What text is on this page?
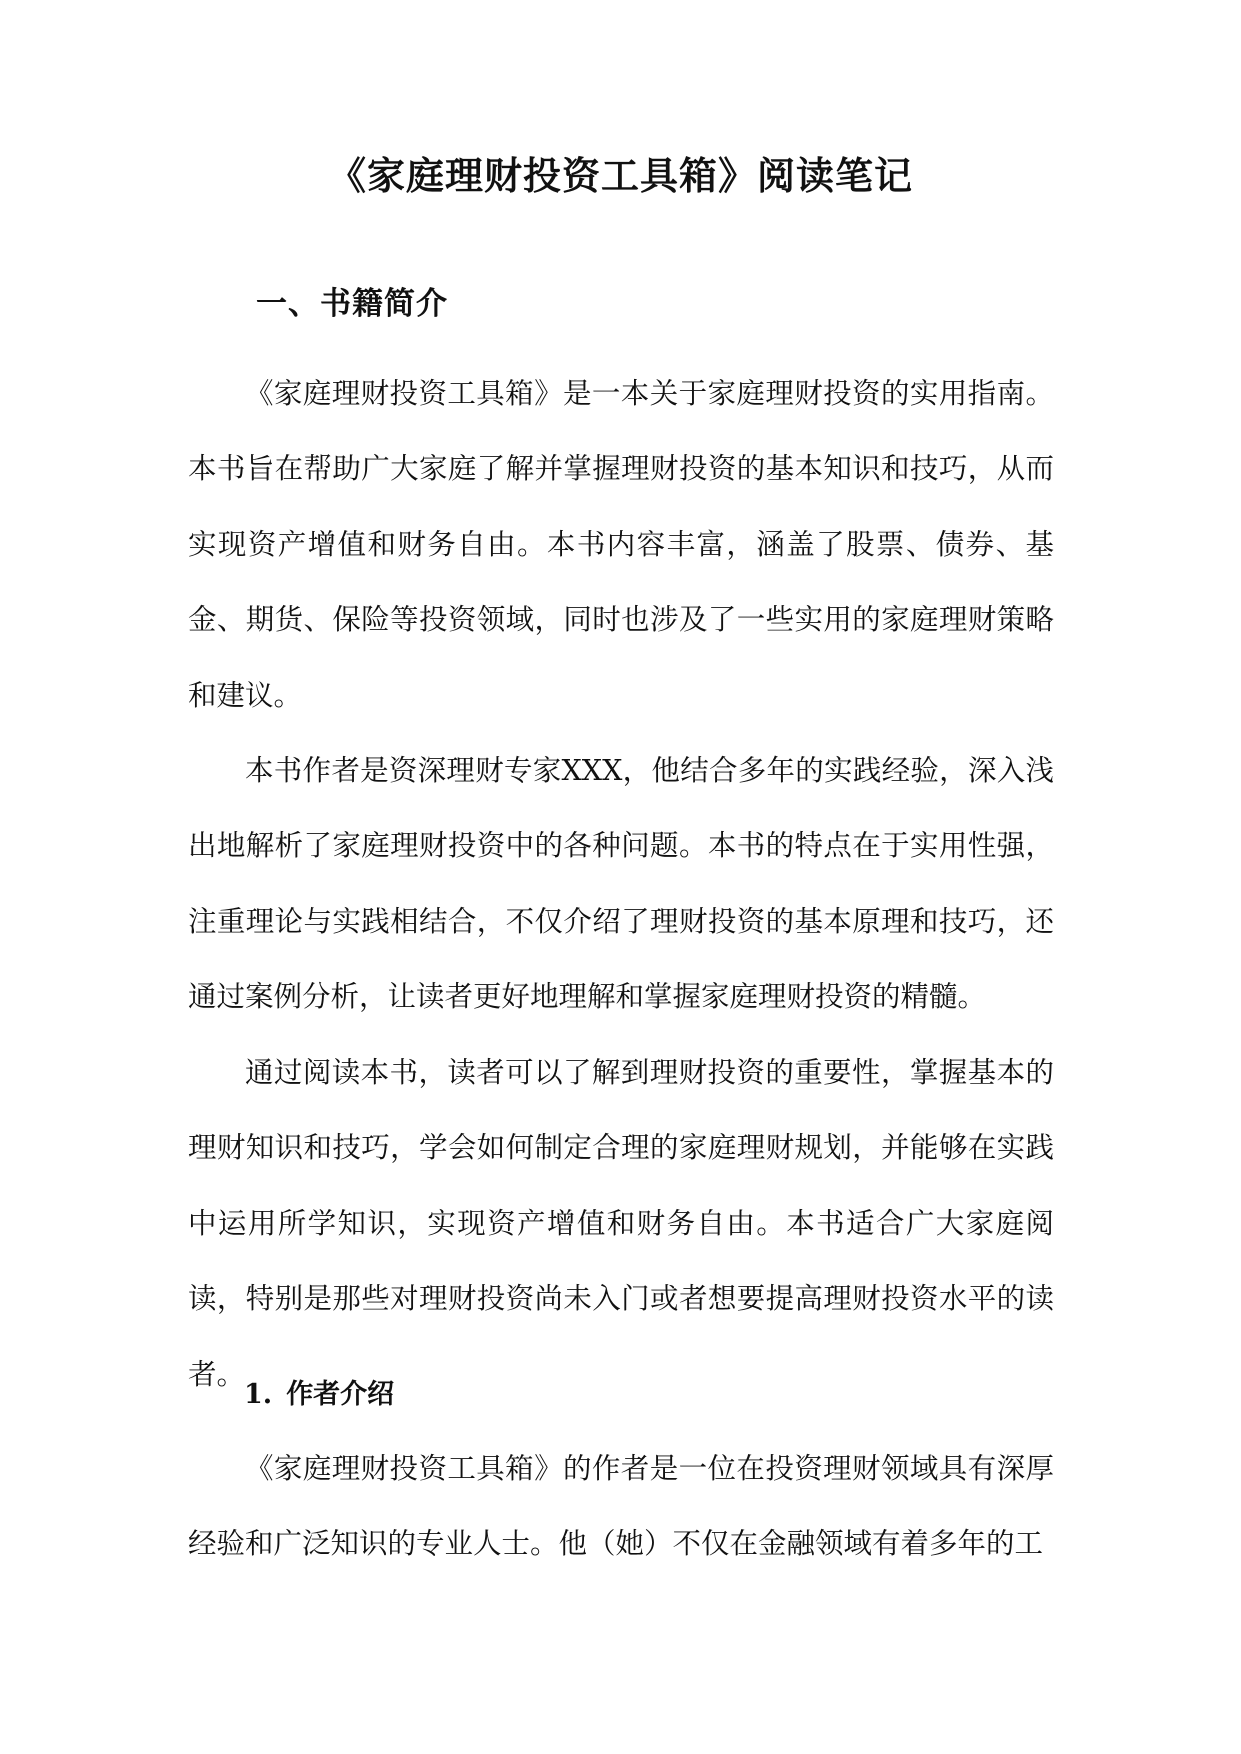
《家庭理财投资工具箱》阅读笔记
一、书籍简介

《家庭理财投资工具箱》是一本关于家庭理财投资的实用指南。本书旨在帮助广大家庭了解并掌握理财投资的基本知识和技巧，从而实现资产增值和财务自由。本书内容丰富，涵盖了股票、债券、基金、期货、保险等投资领域，同时也涉及了一些实用的家庭理财策略和建议。

本书作者是资深理财专家XXX，他结合多年的实践经验，深入浅出地解析了家庭理财投资中的各种问题。本书的特点在于实用性强，注重理论与实践相结合，不仅介绍了理财投资的基本原理和技巧，还通过案例分析，让读者更好地理解和掌握家庭理财投资的精髓。

通过阅读本书，读者可以了解到理财投资的重要性，掌握基本的理财知识和技巧，学会如何制定合理的家庭理财规划，并能够在实践中运用所学知识，实现资产增值和财务自由。本书适合广大家庭阅读，特别是那些对理财投资尚未入门或者想要提高理财投资水平的读者。

1. 作者介绍

《家庭理财投资工具箱》的作者是一位在投资理财领域具有深厚经验和广泛知识的专业人士。他（她）不仅在金融领域有着多年的工
